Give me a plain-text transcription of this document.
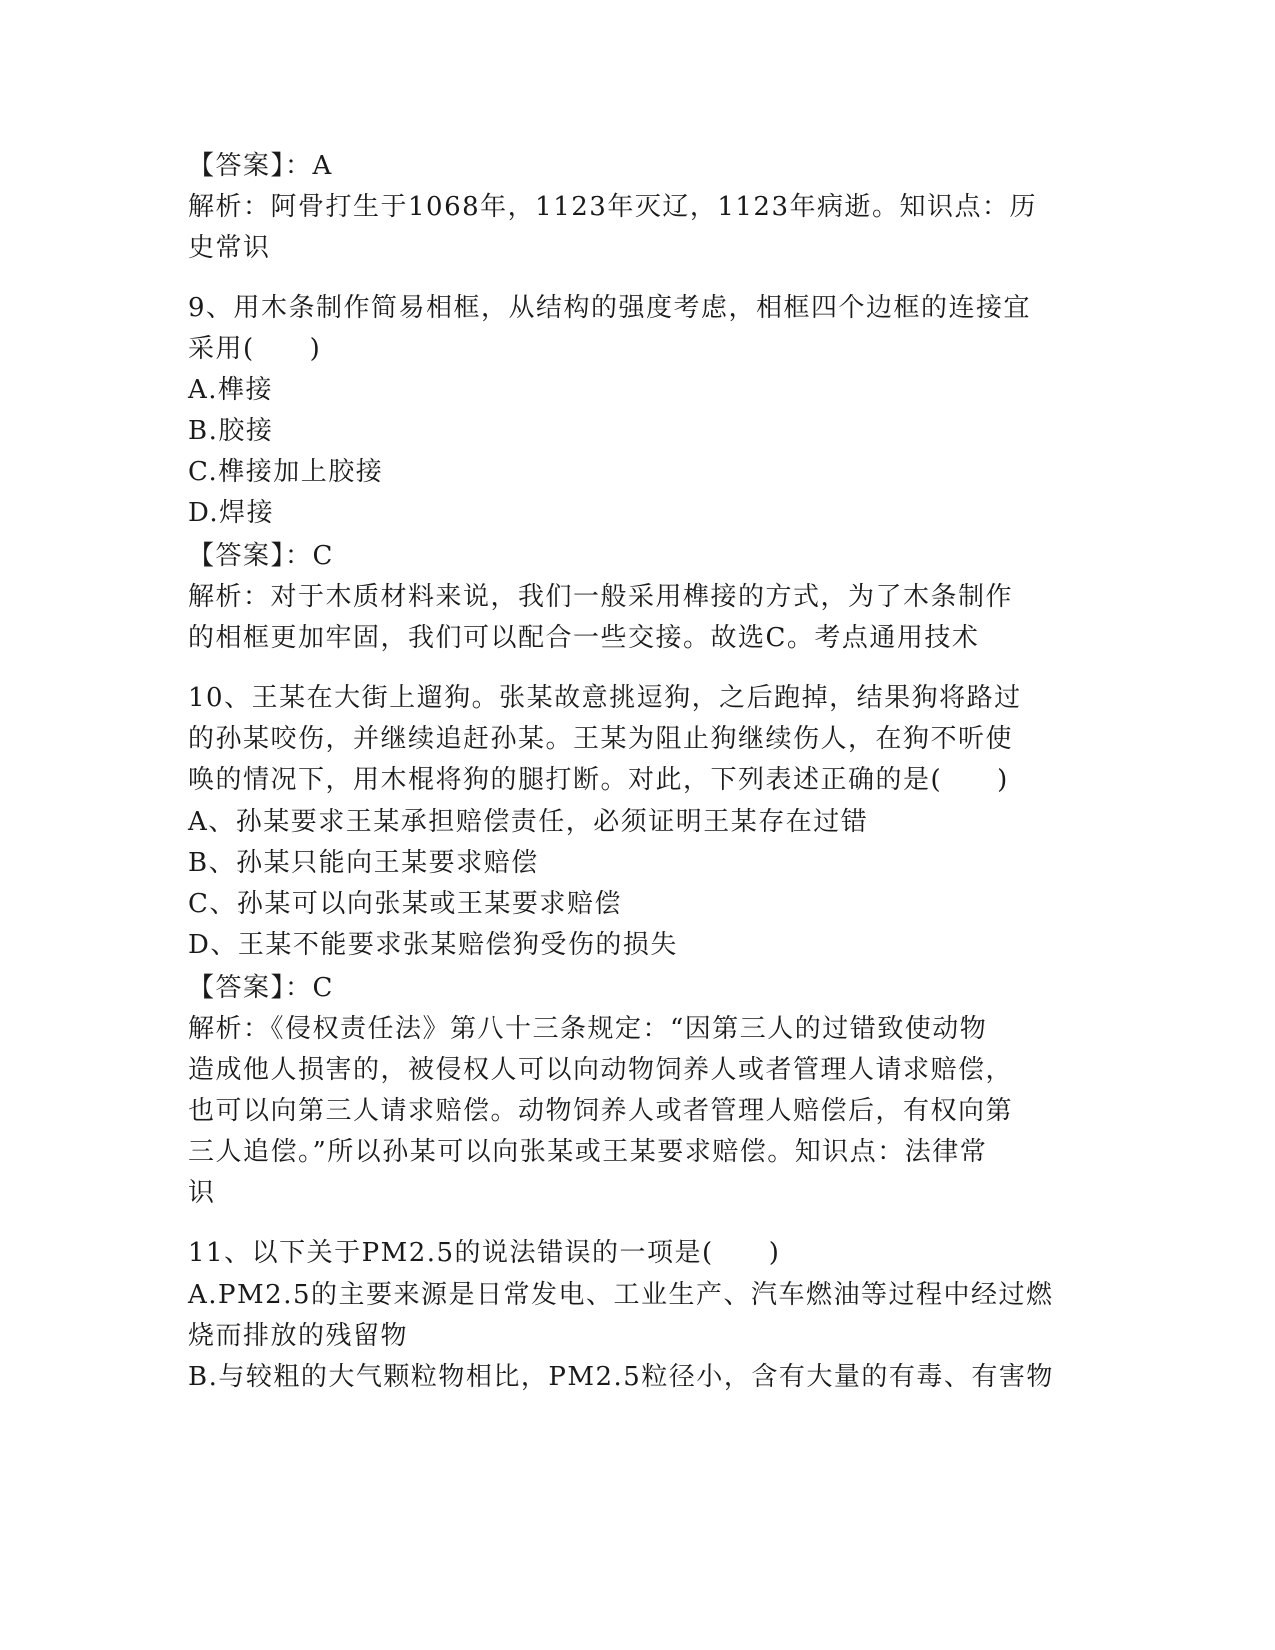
【答案】：A
解析：阿骨打生于1068年，1123年灭辽，1123年病逝。知识点：历
史常识
9、用木条制作简易相框，从结构的强度考虑，相框四个边框的连接宜
采用(　　)
A.榫接
B.胶接
C.榫接加上胶接
D.焊接
【答案】：C
解析：对于木质材料来说，我们一般采用榫接的方式，为了木条制作
的相框更加牢固，我们可以配合一些交接。故选C。考点通用技术
10、王某在大街上遛狗。张某故意挑逗狗，之后跑掉，结果狗将路过
的孙某咬伤，并继续追赶孙某。王某为阻止狗继续伤人，在狗不听使
唤的情况下，用木棍将狗的腿打断。对此，下列表述正确的是(　　)
A、孙某要求王某承担赔偿责任，必须证明王某存在过错
B、孙某只能向王某要求赔偿
C、孙某可以向张某或王某要求赔偿
D、王某不能要求张某赔偿狗受伤的损失
【答案】：C
解析：《侵权责任法》第八十三条规定：“因第三人的过错致使动物
造成他人损害的，被侵权人可以向动物饲养人或者管理人请求赔偿，
也可以向第三人请求赔偿。动物饲养人或者管理人赔偿后，有权向第
三人追偿。”所以孙某可以向张某或王某要求赔偿。知识点：法律常
识
11、以下关于PM2.5的说法错误的一项是(　　)
A.PM2.5的主要来源是日常发电、工业生产、汽车燃油等过程中经过燃
烧而排放的残留物
B.与较粗的大气颗粒物相比，PM2.5粒径小，含有大量的有毒、有害物
